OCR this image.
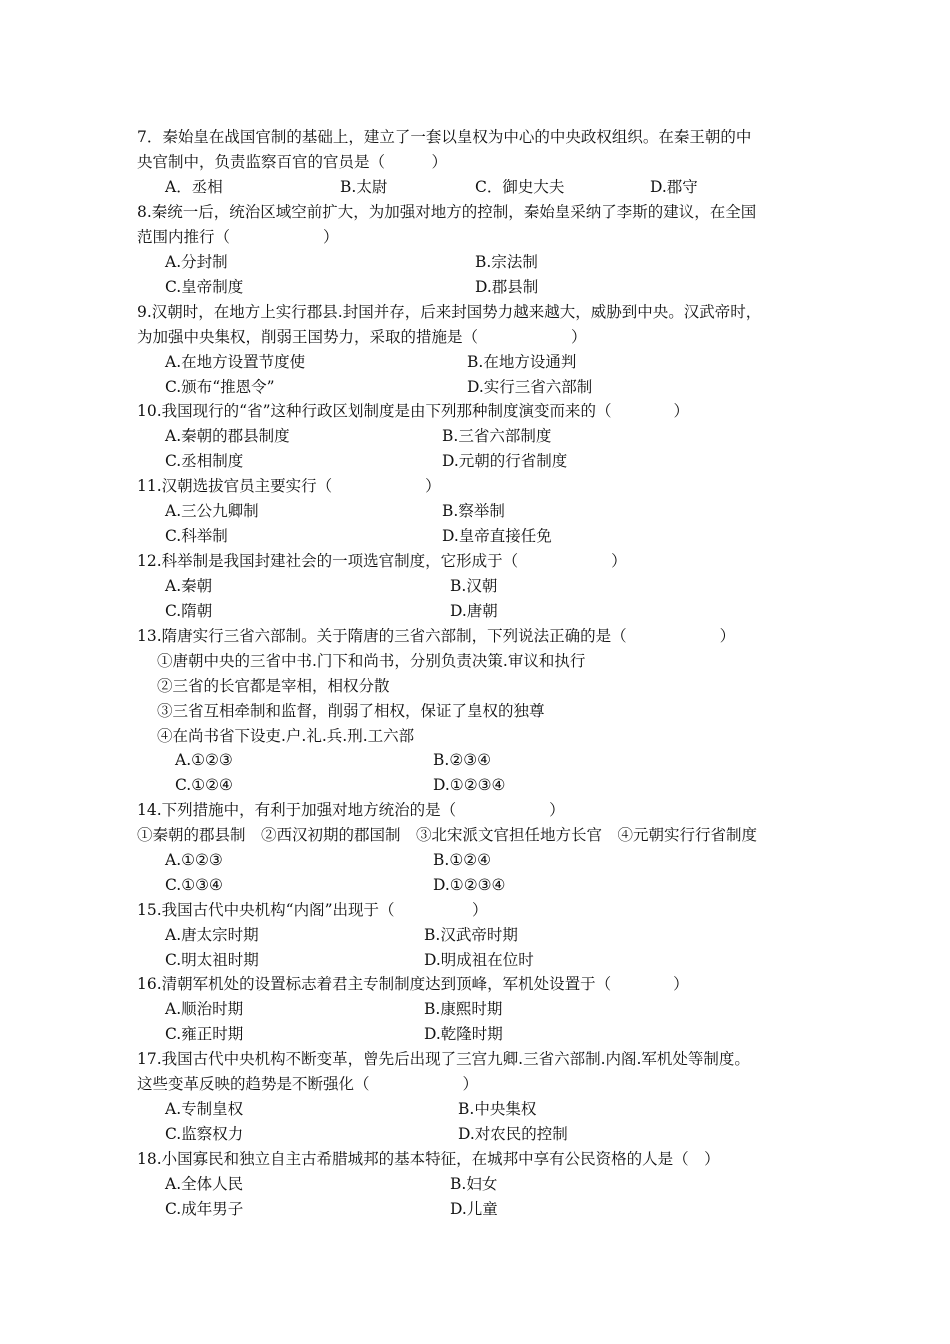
7．秦始皇在战国官制的基础上，建立了一套以皇权为中心的中央政权组织。在秦王朝的中
央官制中，负责监察百官的官员是（　　　）
A．丞相	B.太尉	C．御史大夫	D.郡守
8.秦统一后，统治区域空前扩大，为加强对地方的控制，秦始皇采纳了李斯的建议，在全国
范围内推行（　　　　　　）
A.分封制	B.宗法制
C.皇帝制度	D.郡县制
9.汉朝时，在地方上实行郡县.封国并存，后来封国势力越来越大，威胁到中央。汉武帝时，
为加强中央集权，削弱王国势力，采取的措施是（　　　　　　）
A.在地方设置节度使	B.在地方设通判
C.颁布“推恩令”	D.实行三省六部制
10.我国现行的“省”这种行政区划制度是由下列那种制度演变而来的（　　　　）
A.秦朝的郡县制度	B.三省六部制度
C.丞相制度	D.元朝的行省制度
11.汉朝选拔官员主要实行（　　　　　　）
A.三公九卿制	B.察举制
C.科举制	D.皇帝直接任免
12.科举制是我国封建社会的一项选官制度，它形成于（　　　　　　）
A.秦朝	B.汉朝
C.隋朝	D.唐朝
13.隋唐实行三省六部制。关于隋唐的三省六部制，下列说法正确的是（　　　　　　）
①唐朝中央的三省中书.门下和尚书，分别负责决策.审议和执行
②三省的长官都是宰相，相权分散
③三省互相牵制和监督，削弱了相权，保证了皇权的独尊
④在尚书省下设吏.户.礼.兵.刑.工六部
A.①②③	B.②③④
C.①②④	D.①②③④
14.下列措施中，有利于加强对地方统治的是（　　　　　　）
①秦朝的郡县制　②西汉初期的郡国制　③北宋派文官担任地方长官　④元朝实行行省制度
A.①②③	B.①②④
C.①③④	D.①②③④
15.我国古代中央机构“内阁”出现于（　　　　　）
A.唐太宗时期	B.汉武帝时期
C.明太祖时期	D.明成祖在位时
16.清朝军机处的设置标志着君主专制制度达到顶峰，军机处设置于（　　　　）
A.顺治时期	B.康熙时期
C.雍正时期	D.乾隆时期
17.我国古代中央机构不断变革，曾先后出现了三宫九卿.三省六部制.内阁.军机处等制度。
这些变革反映的趋势是不断强化（　　　　　　）
A.专制皇权	B.中央集权
C.监察权力	D.对农民的控制
18.小国寡民和独立自主古希腊城邦的基本特征，在城邦中享有公民资格的人是（　）
A.全体人民	B.妇女
C.成年男子	D.儿童
